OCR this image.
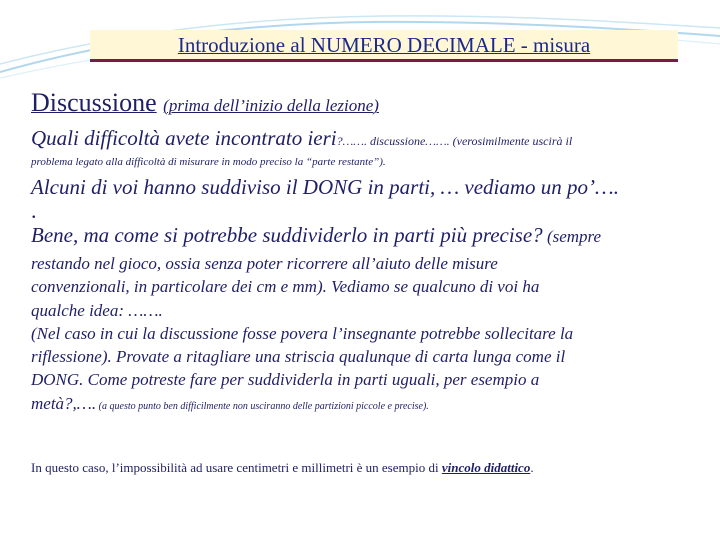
Introduzione al NUMERO DECIMALE - misura

Discussione (prima dell’inizio della lezione)

Quali difficoltà avete incontrato ieri?……. discussione……. (verosimilmente uscirà il

problema legato alla difficoltà di misurare in modo preciso la “parte restante”).

Alcuni di voi hanno suddiviso il DONG in parti, … vediamo un po’….

.

Bene, ma come si potrebbe suddividerlo in parti più precise? (sempre

restando nel gioco, ossia senza poter ricorrere all’aiuto delle misure

convenzionali, in particolare dei cm e mm). Vediamo se qualcuno di voi ha

qualche idea: …….

(Nel caso in cui la discussione fosse povera l’insegnante potrebbe sollecitare la

riflessione). Provate a ritagliare una striscia qualunque di carta lunga come il

DONG. Come potreste fare per suddividerla in parti uguali, per esempio a

metà?,…. (a questo punto ben difficilmente non usciranno delle partizioni piccole e precise).

In questo caso, l’impossibilità ad usare centimetri e millimetri è un esempio di vincolo didattico.
